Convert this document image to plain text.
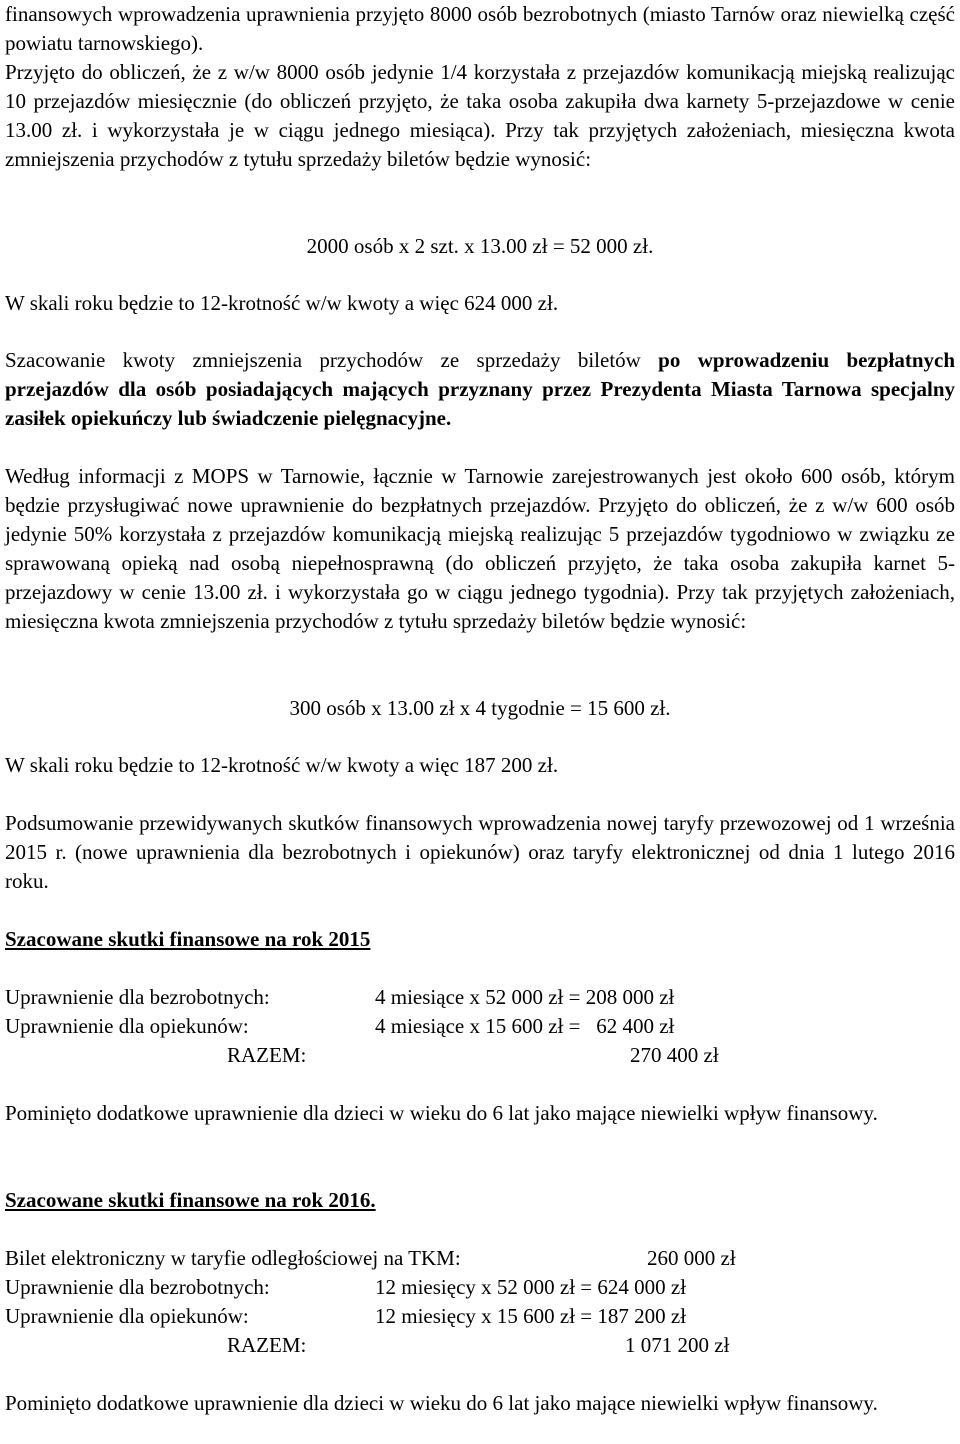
finansowych wprowadzenia uprawnienia przyjęto 8000 osób bezrobotnych (miasto Tarnów oraz niewielką część powiatu tarnowskiego).
Przyjęto do obliczeń, że z w/w 8000 osób jedynie 1/4 korzystała z przejazdów komunikacją miejską realizując 10 przejazdów miesięcznie (do obliczeń przyjęto, że taka osoba zakupiła dwa karnety 5-przejazdowe w cenie 13.00 zł. i wykorzystała je w ciągu jednego miesiąca). Przy tak przyjętych założeniach, miesięczna kwota zmniejszenia przychodów z tytułu sprzedaży biletów będzie wynosić:
2000 osób x 2 szt. x 13.00 zł = 52 000 zł.
W skali roku będzie to 12-krotność w/w kwoty a więc 624 000 zł.
Szacowanie kwoty zmniejszenia przychodów ze sprzedaży biletów po wprowadzeniu bezpłatnych przejazdów dla osób posiadających mających przyznany przez Prezydenta Miasta Tarnowa specjalny zasiłek opiekuńczy lub świadczenie pielęgnacyjne.
Według informacji z MOPS w Tarnowie, łącznie w Tarnowie zarejestrowanych jest około 600 osób, którym będzie przysługiwać nowe uprawnienie do bezpłatnych przejazdów. Przyjęto do obliczeń, że z w/w 600 osób jedynie 50% korzystała z przejazdów komunikacją miejską realizując 5 przejazdów tygodniowo w związku ze sprawowaną opieką nad osobą niepełnosprawną (do obliczeń przyjęto, że taka osoba zakupiła karnet 5-przejazdowy w cenie 13.00 zł. i wykorzystała go w ciągu jednego tygodnia). Przy tak przyjętych założeniach, miesięczna kwota zmniejszenia przychodów z tytułu sprzedaży biletów będzie wynosić:
300 osób x 13.00 zł x 4 tygodnie = 15 600 zł.
W skali roku będzie to 12-krotność w/w kwoty a więc 187 200 zł.
Podsumowanie przewidywanych skutków finansowych wprowadzenia nowej taryfy przewozowej od 1 września 2015 r. (nowe uprawnienia dla bezrobotnych i opiekunów) oraz taryfy elektronicznej od dnia 1 lutego 2016 roku.
Szacowane skutki finansowe na rok 2015
Uprawnienie dla bezrobotnych:	4 miesiące x 52 000 zł = 208 000 zł
Uprawnienie dla opiekunów:	4 miesiące x 15 600 zł =   62 400 zł
RAZEM:	270 400 zł
Pominięto dodatkowe uprawnienie dla dzieci w wieku do 6 lat jako mające niewielki wpływ finansowy.
Szacowane skutki finansowe na rok 2016.
Bilet elektroniczny w taryfie odległościowej na TKM:	260 000 zł
Uprawnienie dla bezrobotnych:	12 miesięcy x 52 000 zł = 624 000 zł
Uprawnienie dla opiekunów:	12 miesięcy x 15 600 zł = 187 200 zł
RAZEM:	1 071 200 zł
Pominięto dodatkowe uprawnienie dla dzieci w wieku do 6 lat jako mające niewielki wpływ finansowy.
